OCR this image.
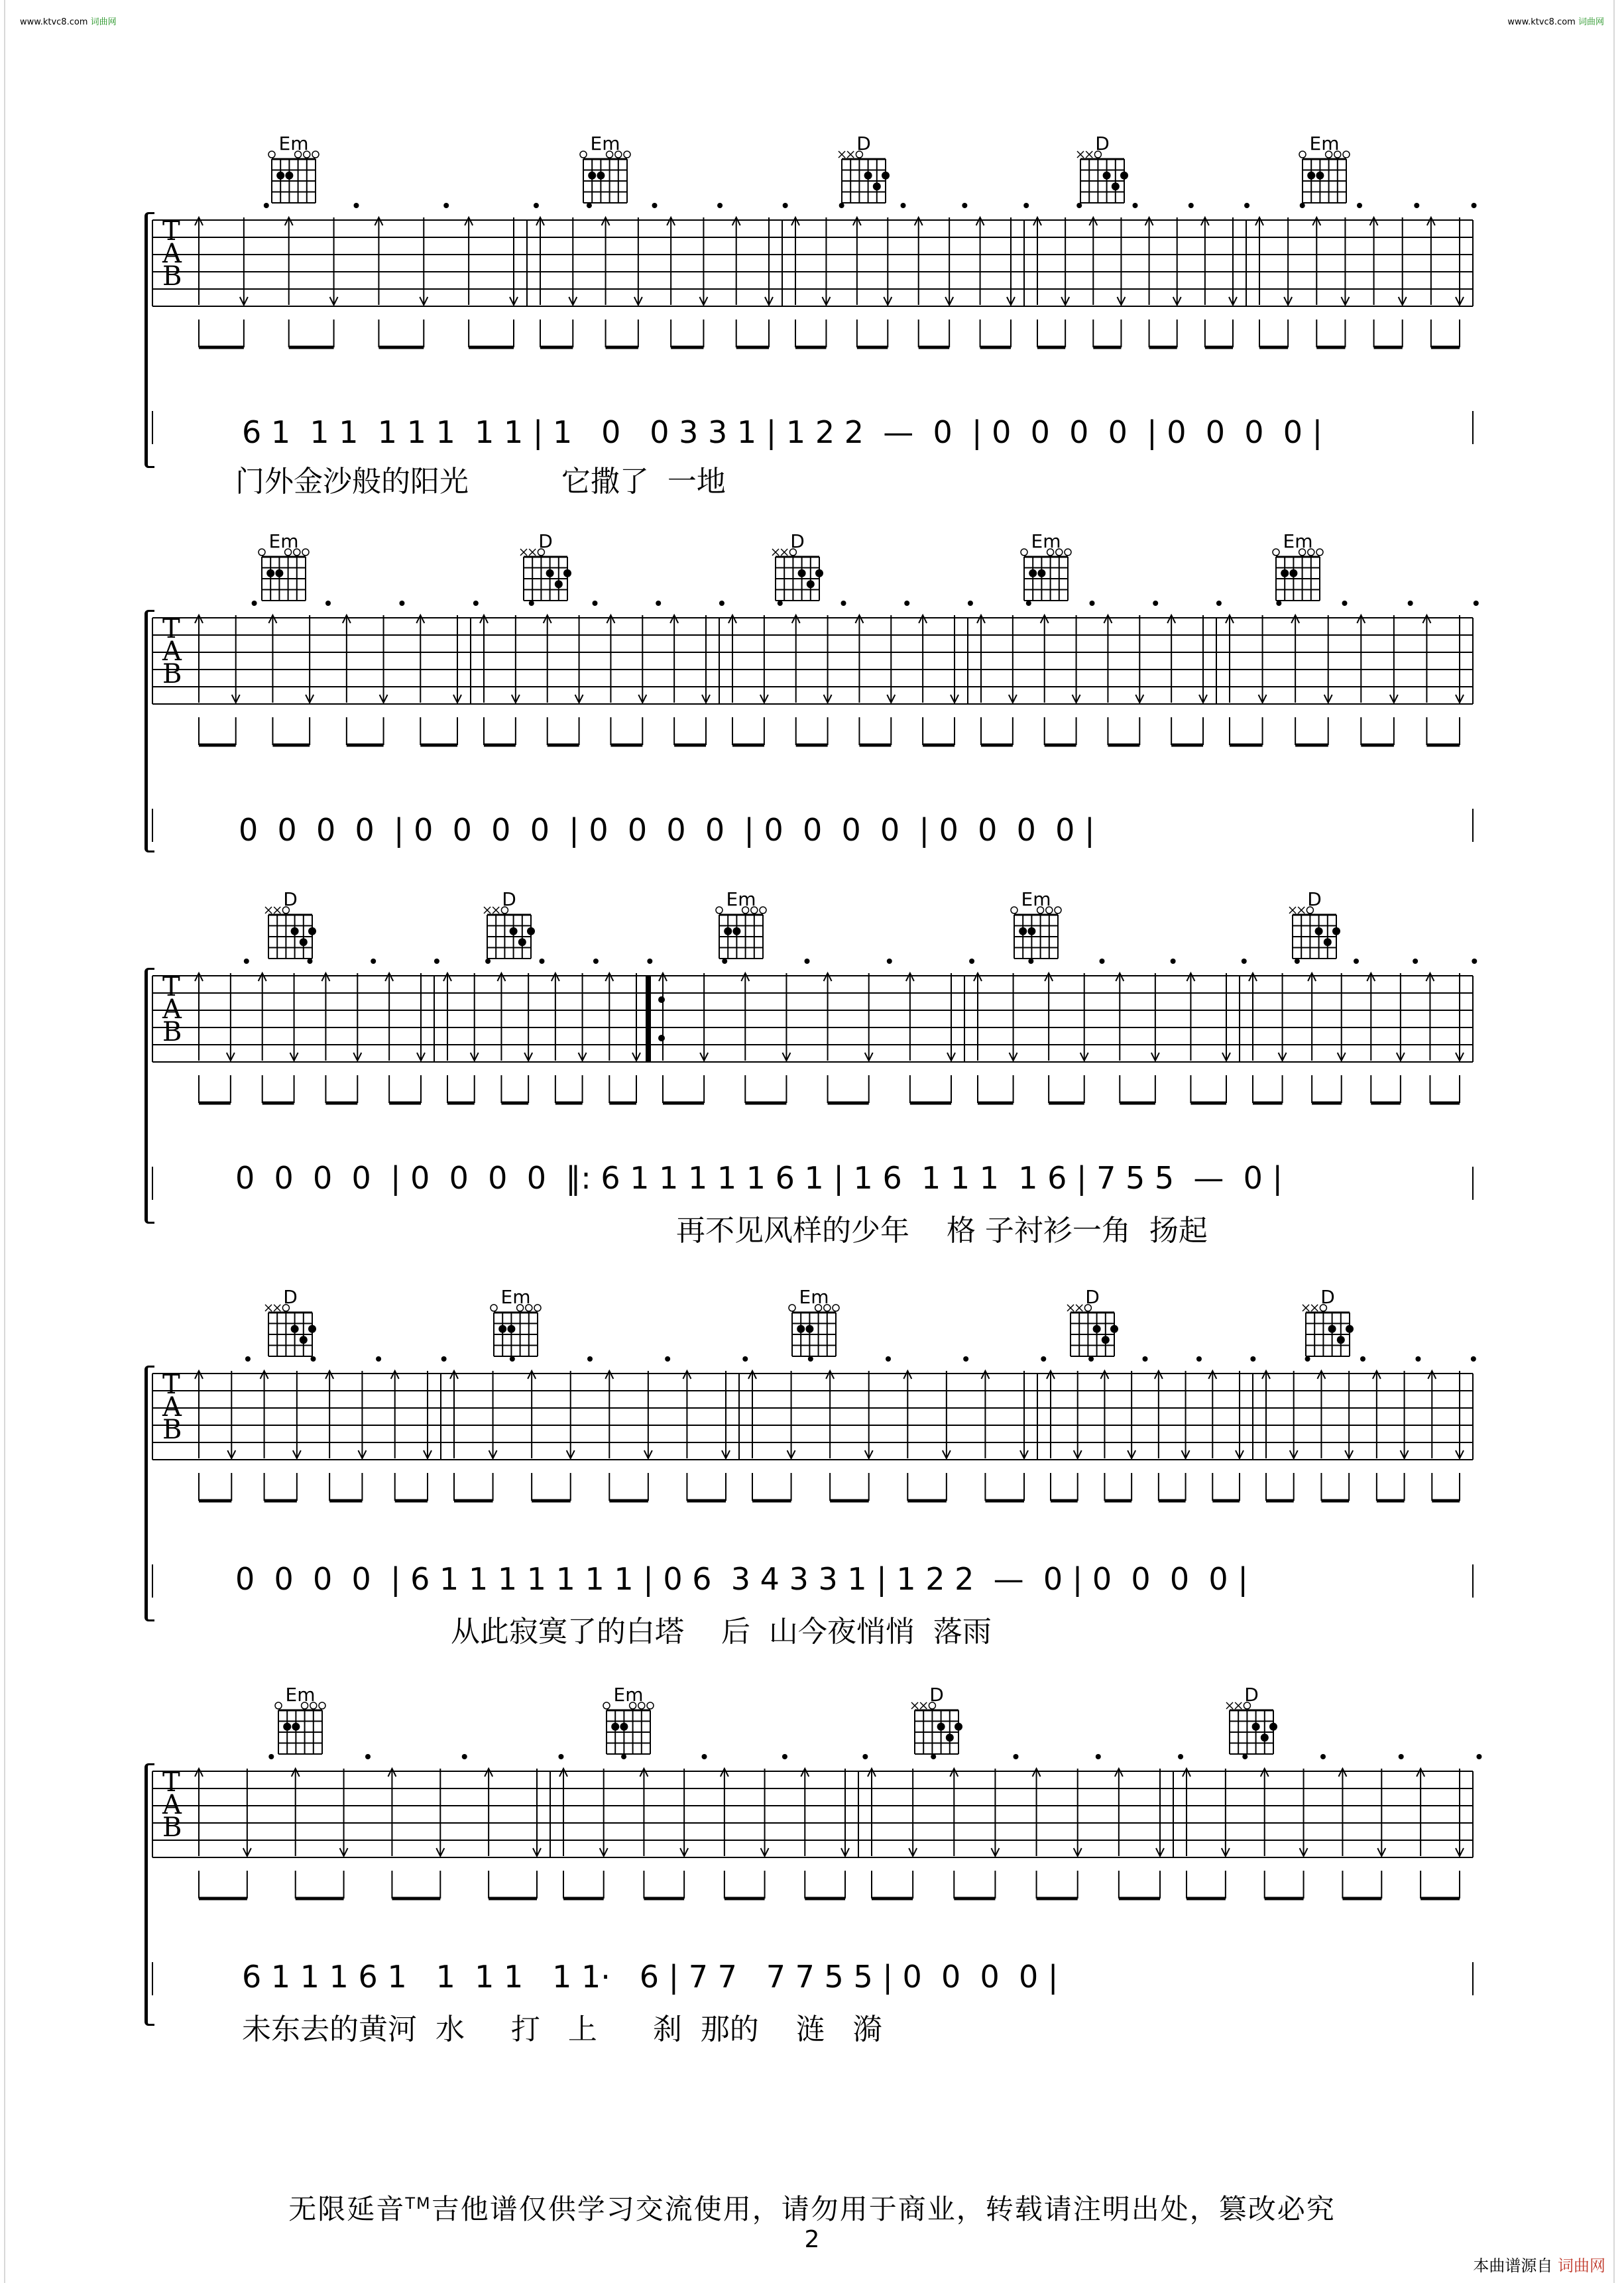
www.ktvc8.com 词曲网	www.ktvc8.com 词曲网
Em	Em	D	D	Em
T
A
B
6 1  1 1  1 1 1  1 1 | 1   0   0 3 3 1 | 1 2 2  —  0  | 0  0  0  0  | 0  0  0  0 |
门外金沙般的阳光          它撒了  一地
Em	D	D	Em	Em
T
A
B
0  0  0  0  | 0  0  0  0  | 0  0  0  0  | 0  0  0  0  | 0  0  0  0 |
D	D	Em	Em	D
T
A
B
0  0  0  0  | 0  0  0  0  ‖: 6 1 1 1 1 1 6 1 | 1 6  1 1 1  1 6 | 7 5 5  —  0 |
再不见风样的少年    格 子衬衫一角  扬起
D	Em	Em	D	D
T
A
B
0  0  0  0  | 6 1 1 1 1 1 1 1 | 0 6  3 4 3 3 1 | 1 2 2  —  0 | 0  0  0  0 |
从此寂寞了的白塔    后  山今夜悄悄  落雨
Em	Em	D	D
T
A
B
6 1 1 1 6 1   1  1 1   1 1·   6 | 7 7   7 7 5 5 | 0  0  0  0 |
未东去的黄河  水     打   上      刹  那的    涟   漪
无限延音™吉他谱仅供学习交流使用，请勿用于商业，转载请注明出处，篡改必究
2
本曲谱源自 词曲网
